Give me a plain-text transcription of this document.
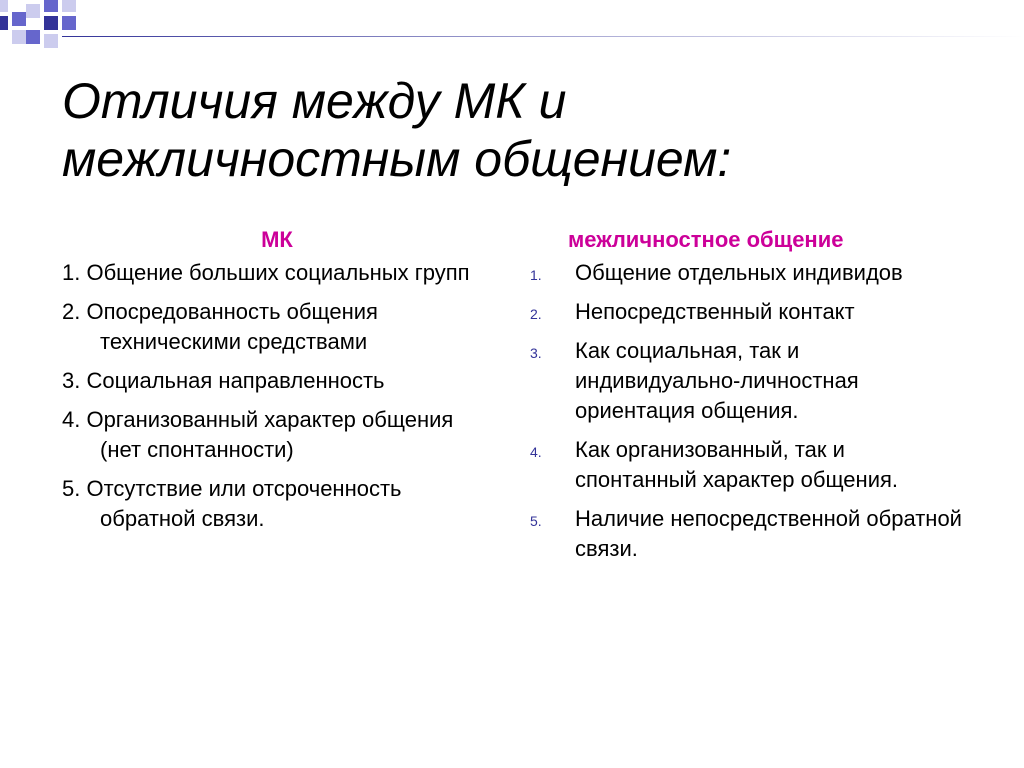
Отличия между МК и межличностным общением:
МК
1. Общение больших социальных групп
2. Опосредованность общения техническими средствами
3. Социальная направленность
4. Организованный характер общения (нет спонтанности)
5. Отсутствие или отсроченность обратной связи.
межличностное общение
1. Общение отдельных индивидов
2. Непосредственный контакт
3. Как социальная, так и индивидуально-личностная ориентация общения.
4. Как организованный, так и спонтанный характер общения.
5. Наличие непосредственной обратной связи.
